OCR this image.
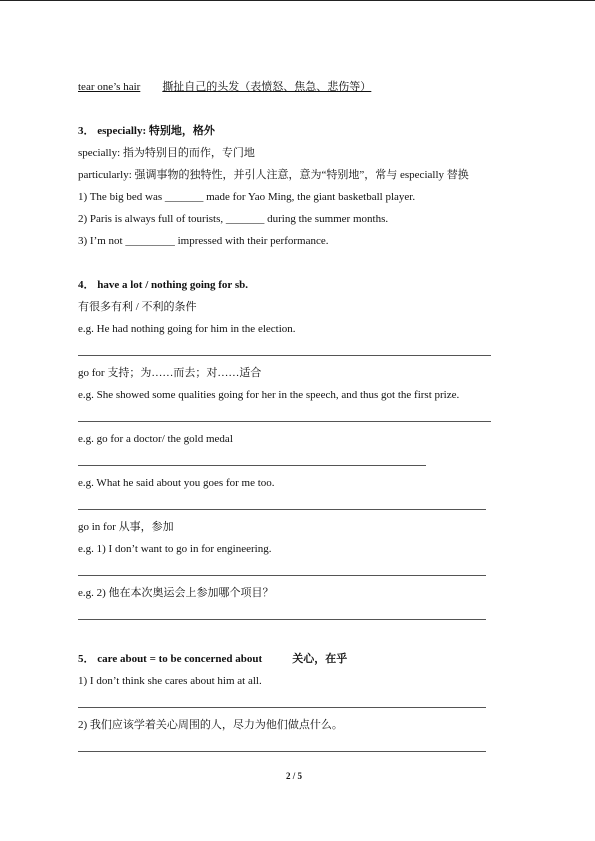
tear one’s hair 撕扯自己的头发（表愤怒、焦急、悲伤等）
3． especially: 特别地，格外
specially: 指为特别目的而作，专门地
particularly: 强调事物的独特性，并引人注意，意为“特别地”，常与 especially 替换
1) The big bed was _______ made for Yao Ming, the giant basketball player.
2) Paris is always full of tourists, _______ during the summer months.
3) I’m not _________ impressed with their performance.
4． have a lot / nothing going for sb.
有很多有利 / 不利的条件
e.g. He had nothing going for him in the election.
go for 支持；为……而去；对……适合
e.g. She showed some qualities going for her in the speech, and thus got the first prize.
e.g. go for a doctor/ the gold medal
e.g. What he said about you goes for me too.
go in for 从事，参加
e.g. 1) I don’t want to go in for engineering.
e.g. 2) 他在本次奥运会上参加哪个项目？
5． care about = to be concerned about	关心，在乎
1) I don’t think she cares about him at all.
2) 我们应该学着关心周围的人，尽力为他们做点什么。
2 / 5
